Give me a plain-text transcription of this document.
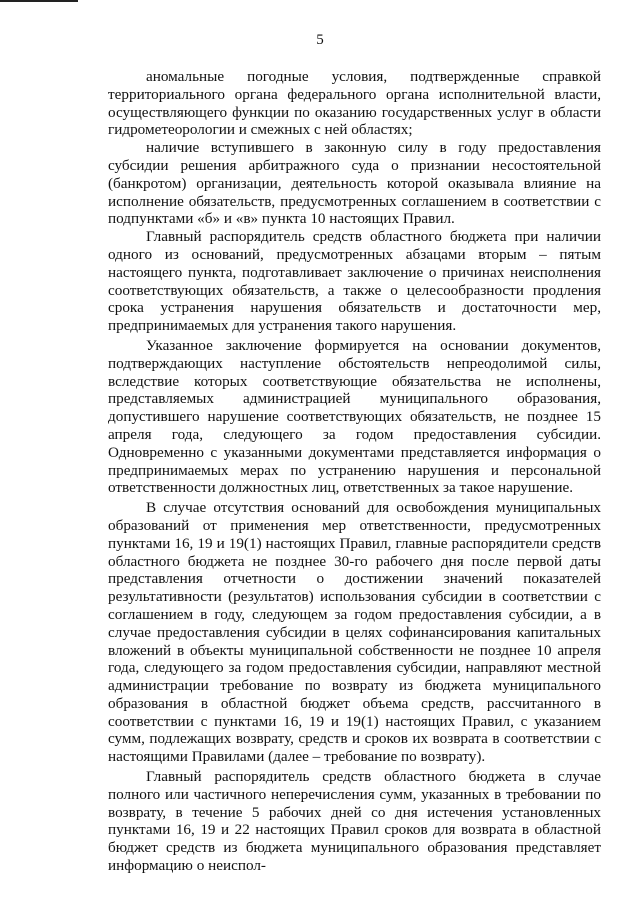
5

аномальные погодные условия, подтвержденные справкой территориального органа федерального органа исполнительной власти, осуществляющего функции по оказанию государственных услуг в области гидрометеорологии и смежных с ней областях;

наличие вступившего в законную силу в году предоставления субсидии решения арбитражного суда о признании несостоятельной (банкротом) организации, деятельность которой оказывала влияние на исполнение обязательств, предусмотренных соглашением в соответствии с подпунктами «б» и «в» пункта 10 настоящих Правил.

Главный распорядитель средств областного бюджета при наличии одного из оснований, предусмотренных абзацами вторым – пятым настоящего пункта, подготавливает заключение о причинах неисполнения соответствующих обязательств, а также о целесообразности продления срока устранения нарушения обязательств и достаточности мер, предпринимаемых для устранения такого нарушения.

Указанное заключение формируется на основании документов, подтверждающих наступление обстоятельств непреодолимой силы, вследствие которых соответствующие обязательства не исполнены, представляемых администрацией муниципального образования, допустившего нарушение соответствующих обязательств, не позднее 15 апреля года, следующего за годом предоставления субсидии. Одновременно с указанными документами представляется информация о предпринимаемых мерах по устранению нарушения и персональной ответственности должностных лиц, ответственных за такое нарушение.

В случае отсутствия оснований для освобождения муниципальных образований от применения мер ответственности, предусмотренных пунктами 16, 19 и 19(1) настоящих Правил, главные распорядители средств областного бюджета не позднее 30-го рабочего дня после первой даты представления отчетности о достижении значений показателей результативности (результатов) использования субсидии в соответствии с соглашением в году, следующем за годом предоставления субсидии, а в случае предоставления субсидии в целях софинансирования капитальных вложений в объекты муниципальной собственности не позднее 10 апреля года, следующего за годом предоставления субсидии, направляют местной администрации требование по возврату из бюджета муниципального образования в областной бюджет объема средств, рассчитанного в соответствии с пунктами 16, 19 и 19(1) настоящих Правил, с указанием сумм, подлежащих возврату, средств и сроков их возврата в соответствии с настоящими Правилами (далее – требование по возврату).

Главный распорядитель средств областного бюджета в случае полного или частичного неперечисления сумм, указанных в требовании по возврату, в течение 5 рабочих дней со дня истечения установленных пунктами 16, 19 и 22 настоящих Правил сроков для возврата в областной бюджет средств из бюджета муниципального образования представляет информацию о неиспол-
